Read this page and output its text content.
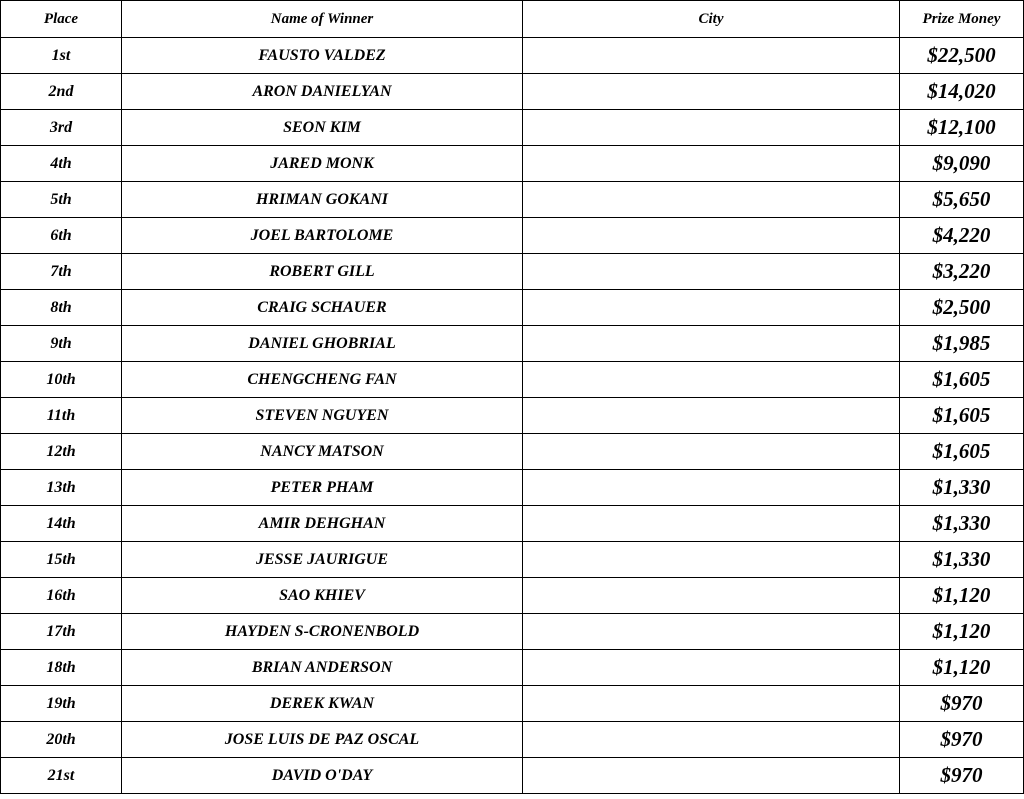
Place	Name of Winner	City	Prize Money
1st	FAUSTO VALDEZ		$22,500
2nd	ARON DANIELYAN		$14,020
3rd	SEON KIM		$12,100
4th	JARED MONK		$9,090
5th	HRIMAN GOKANI		$5,650
6th	JOEL BARTOLOME		$4,220
7th	ROBERT GILL		$3,220
8th	CRAIG SCHAUER		$2,500
9th	DANIEL GHOBRIAL		$1,985
10th	CHENGCHENG FAN		$1,605
11th	STEVEN NGUYEN		$1,605
12th	NANCY MATSON		$1,605
13th	PETER PHAM		$1,330
14th	AMIR DEHGHAN		$1,330
15th	JESSE JAURIGUE		$1,330
16th	SAO KHIEV		$1,120
17th	HAYDEN S-CRONENBOLD		$1,120
18th	BRIAN ANDERSON		$1,120
19th	DEREK KWAN		$970
20th	JOSE LUIS DE PAZ OSCAL		$970
21st	DAVID O'DAY		$970
